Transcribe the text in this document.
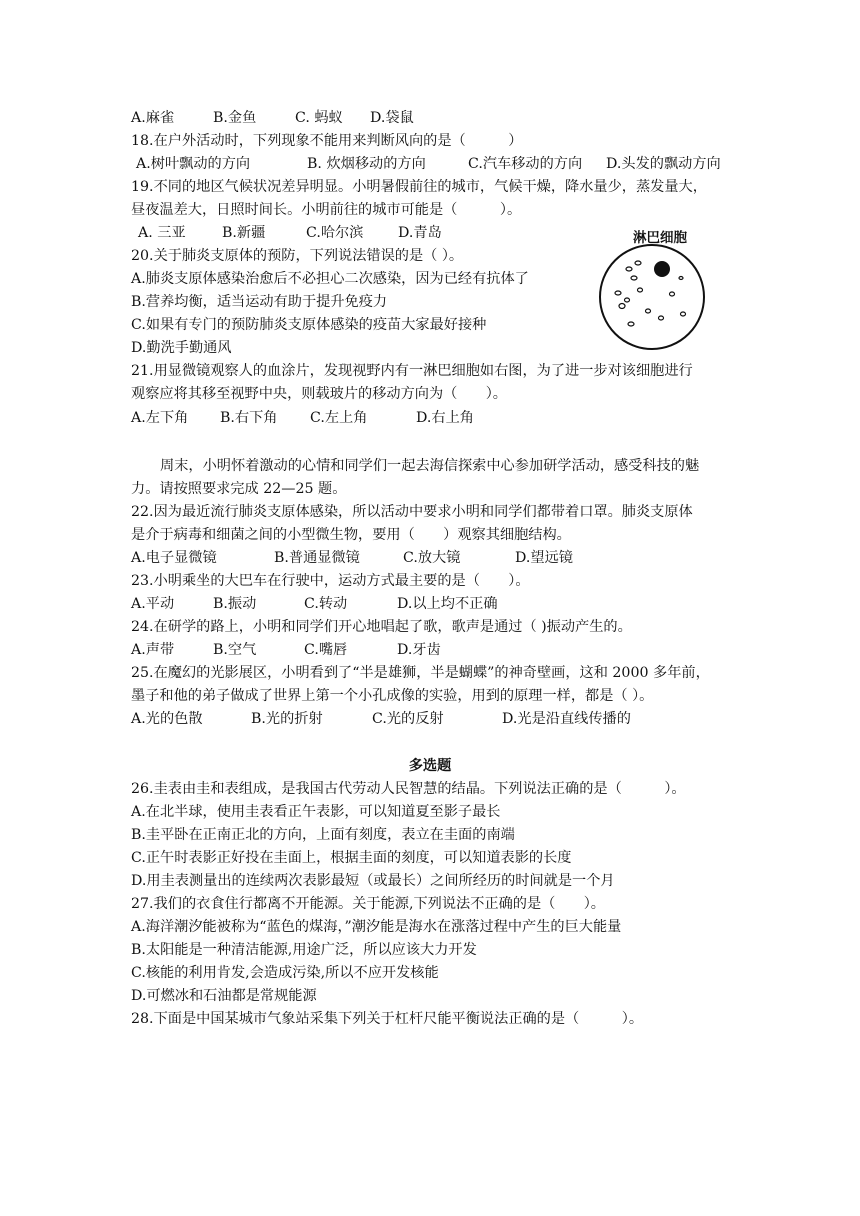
A.麻雀	B.金鱼	C. 蚂蚁 D.袋鼠
18.在户外活动时，下列现象不能用来判断风向的是（　　　）
A.树叶飘动的方向	B. 炊烟移动的方向	C.汽车移动的方向 D.头发的飘动方向
19.不同的地区气候状况差异明显。小明暑假前往的城市，气候干燥，降水量少，蒸发量大，
昼夜温差大，日照时间长。小明前往的城市可能是（　　　）。
A. 三亚	B.新疆	C.哈尔滨 D.青岛
20.关于肺炎支原体的预防，下列说法错误的是（ ）。
A.肺炎支原体感染治愈后不必担心二次感染，因为已经有抗体了
B.营养均衡，适当运动有助于提升免疫力
C.如果有专门的预防肺炎支原体感染的疫苗大家最好接种
D.勤洗手勤通风
淋巴细胞
21.用显微镜观察人的血涂片，发现视野内有一淋巴细胞如右图，为了进一步对该细胞进行
观察应将其移至视野中央，则载玻片的移动方向为（　　）。
A.左下角 B.右下角 C.左上角	D.右上角
周末，小明怀着激动的心情和同学们一起去海信探索中心参加研学活动，感受科技的魅
力。请按照要求完成 22—25 题。
22.因为最近流行肺炎支原体感染，所以活动中要求小明和同学们都带着口罩。肺炎支原体
是介于病毒和细菌之间的小型微生物，要用（　　）观察其细胞结构。
A.电子显微镜	B.普通显微镜	C.放大镜	D.望远镜
23.小明乘坐的大巴车在行驶中，运动方式最主要的是（　　）。
A.平动	B.振动	C.转动	D.以上均不正确
24.在研学的路上，小明和同学们开心地唱起了歌，歌声是通过（ )振动产生的。
A.声带	B.空气	C.嘴唇	D.牙齿
25.在魔幻的光影展区，小明看到了“半是雄狮，半是蝴蝶”的神奇壁画，这和 2000 多年前，
墨子和他的弟子做成了世界上第一个小孔成像的实验，用到的原理一样，都是（ ）。
A.光的色散	B.光的折射	C.光的反射	D.光是沿直线传播的
多选题
26.圭表由圭和表组成，是我国古代劳动人民智慧的结晶。下列说法正确的是（　　　）。
A.在北半球，使用圭表看正午表影，可以知道夏至影子最长
B.圭平卧在正南正北的方向，上面有刻度，表立在圭面的南端
C.正午时表影正好投在圭面上，根据圭面的刻度，可以知道表影的长度
D.用圭表测量出的连续两次表影最短（或最长）之间所经历的时间就是一个月
27.我们的衣食住行都离不开能源。关于能源,下列说法不正确的是（　　）。
A.海洋潮汐能被称为“蓝色的煤海，”潮汐能是海水在涨落过程中产生的巨大能量
B.太阳能是一种清洁能源,用途广泛，所以应该大力开发
C.核能的利用肯发,会造成污染,所以不应开发核能
D.可燃冰和石油都是常规能源
28.下面是中国某城市气象站采集下列关于杠杆尺能平衡说法正确的是（　　　）。
